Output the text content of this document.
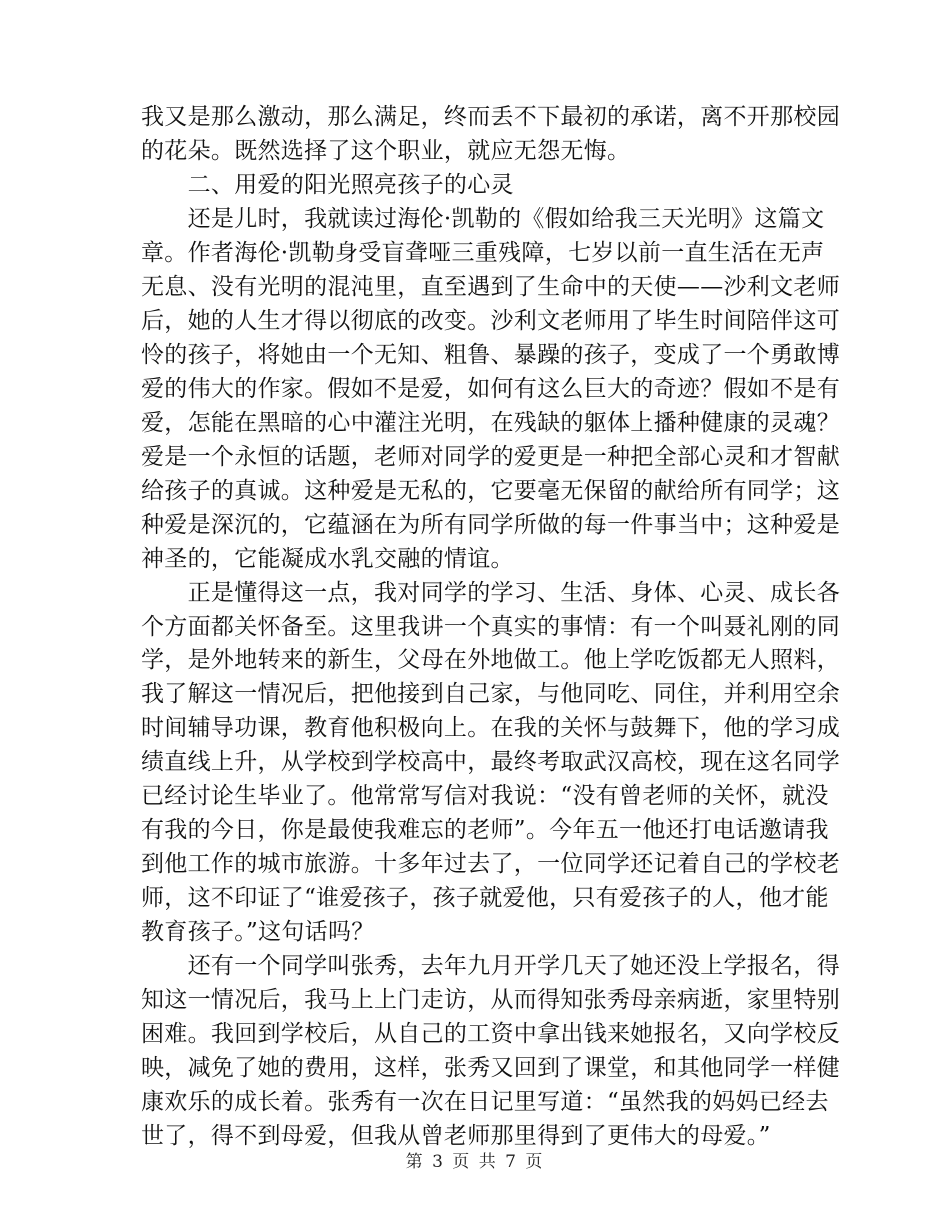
我又是那么激动，那么满足，终而丢不下最初的承诺，离不开那校园
的花朵。既然选择了这个职业，就应无怨无悔。
　　二、用爱的阳光照亮孩子的心灵
　　还是儿时，我就读过海伦·凯勒的《假如给我三天光明》这篇文
章。作者海伦·凯勒身受盲聋哑三重残障，七岁以前一直生活在无声
无息、没有光明的混沌里，直至遇到了生命中的天使——沙利文老师
后，她的人生才得以彻底的改变。沙利文老师用了毕生时间陪伴这可
怜的孩子，将她由一个无知、粗鲁、暴躁的孩子，变成了一个勇敢博
爱的伟大的作家。假如不是爱，如何有这么巨大的奇迹？假如不是有
爱，怎能在黑暗的心中灌注光明，在残缺的躯体上播种健康的灵魂？
爱是一个永恒的话题，老师对同学的爱更是一种把全部心灵和才智献
给孩子的真诚。这种爱是无私的，它要毫无保留的献给所有同学；这
种爱是深沉的，它蕴涵在为所有同学所做的每一件事当中；这种爱是
神圣的，它能凝成水乳交融的情谊。
　　正是懂得这一点，我对同学的学习、生活、身体、心灵、成长各
个方面都关怀备至。这里我讲一个真实的事情：有一个叫聂礼刚的同
学，是外地转来的新生，父母在外地做工。他上学吃饭都无人照料，
我了解这一情况后，把他接到自己家，与他同吃、同住，并利用空余
时间辅导功课，教育他积极向上。在我的关怀与鼓舞下，他的学习成
绩直线上升，从学校到学校高中，最终考取武汉高校，现在这名同学
已经讨论生毕业了。他常常写信对我说：“没有曾老师的关怀，就没
有我的今日，你是最使我难忘的老师”。今年五一他还打电话邀请我
到他工作的城市旅游。十多年过去了，一位同学还记着自己的学校老
师，这不印证了“谁爱孩子，孩子就爱他，只有爱孩子的人，他才能
教育孩子。”这句话吗？
　　还有一个同学叫张秀，去年九月开学几天了她还没上学报名，得
知这一情况后，我马上上门走访，从而得知张秀母亲病逝，家里特别
困难。我回到学校后，从自己的工资中拿出钱来她报名，又向学校反
映，减免了她的费用，这样，张秀又回到了课堂，和其他同学一样健
康欢乐的成长着。张秀有一次在日记里写道：“虽然我的妈妈已经去
世了，得不到母爱，但我从曾老师那里得到了更伟大的母爱。”
第 3 页 共 7 页
